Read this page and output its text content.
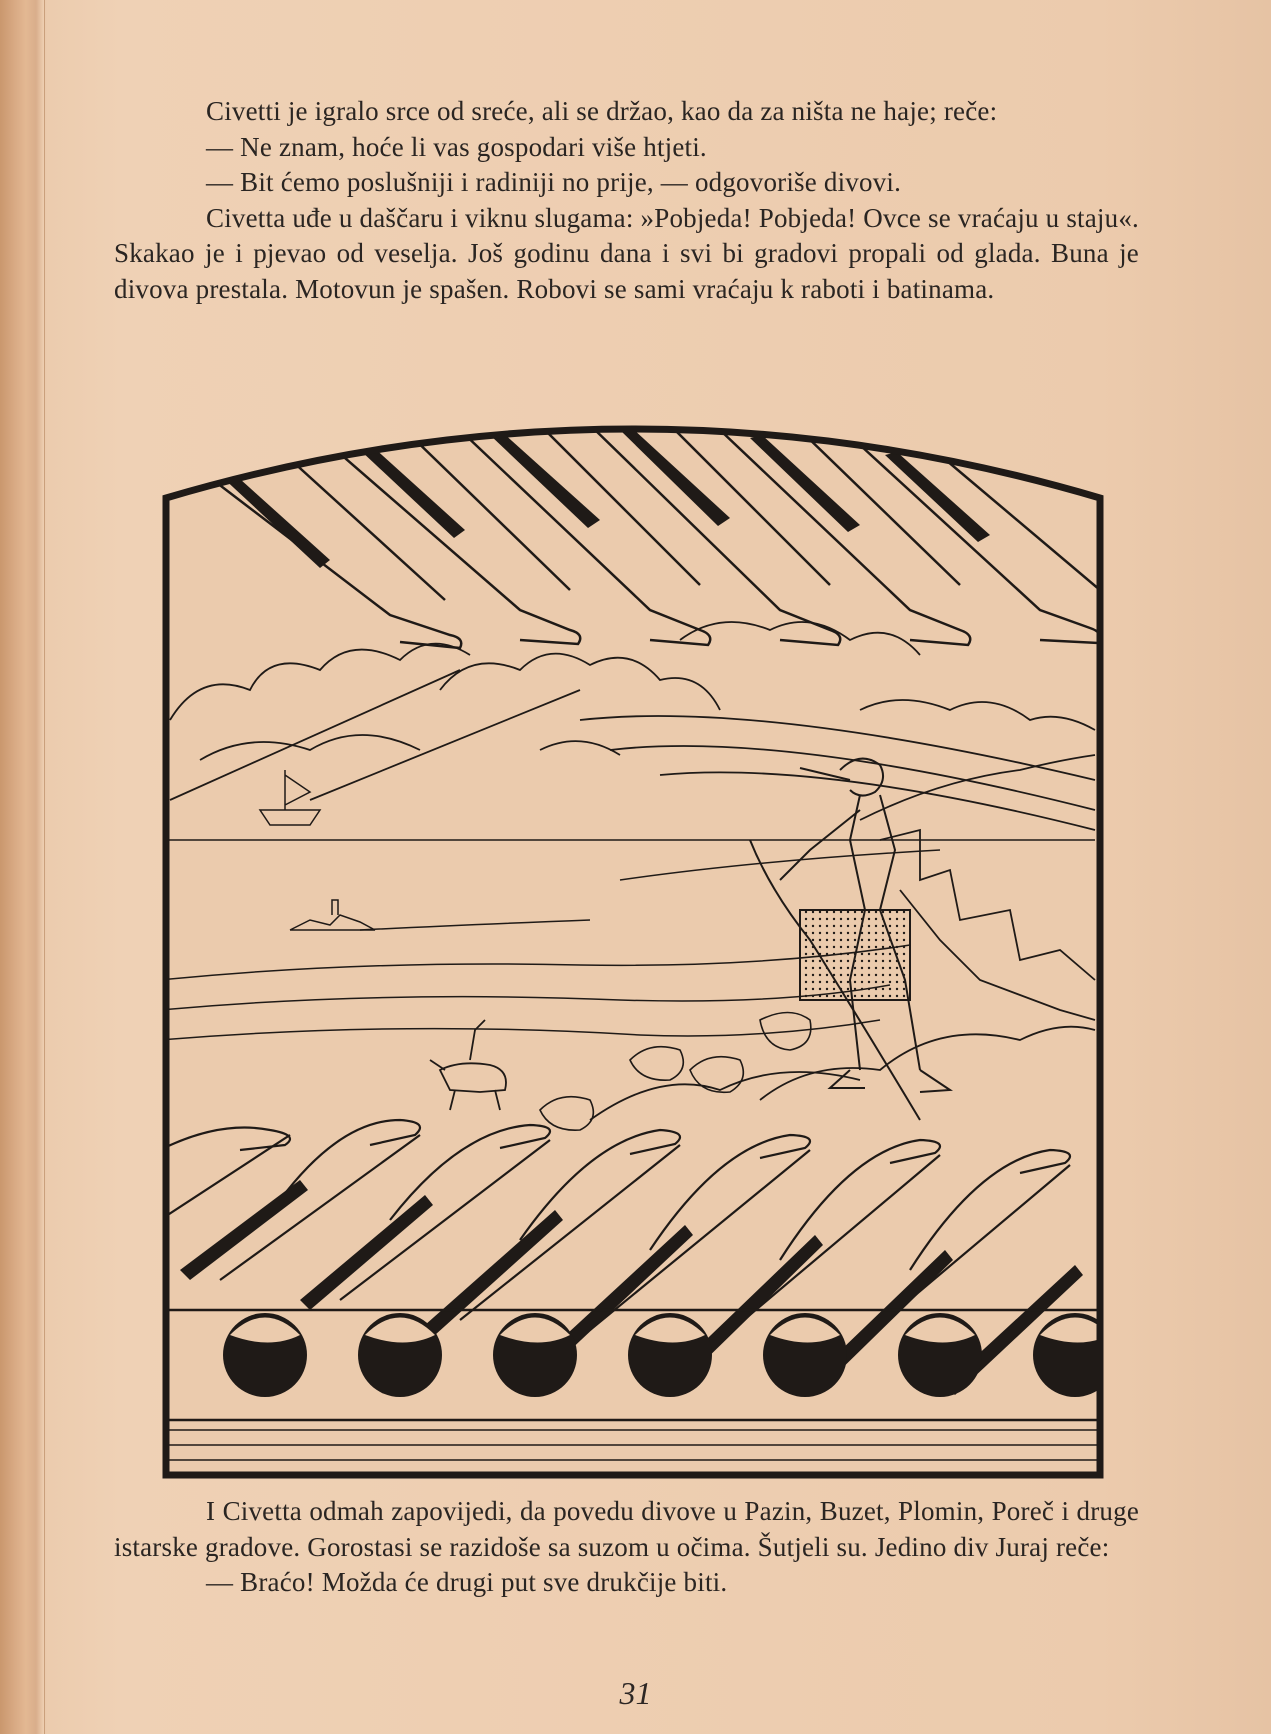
Civetti je igralo srce od sreće, ali se držao, kao da za ništa ne haje; reče:

— Ne znam, hoće li vas gospodari više htjeti.

— Bit ćemo poslušniji i radiniji no prije, — odgovoriše divovi.

Civetta uđe u daščaru i viknu slugama: »Pobjeda! Pobjeda! Ovce se vraćaju u staju«. Skakao je i pjevao od veselja. Još godinu dana i svi bi gradovi propali od glada. Buna je divova prestala. Motovun je spašen. Robovi se sami vraćaju k raboti i batinama.

I Civetta odmah zapovijedi, da povedu divove u Pazin, Buzet, Plomin, Poreč i druge istarske gradove. Gorostasi se razidoše sa suzom u očima. Šutjeli su. Jedino div Juraj reče:

— Braćo! Možda će drugi put sve drukčije biti.

31
